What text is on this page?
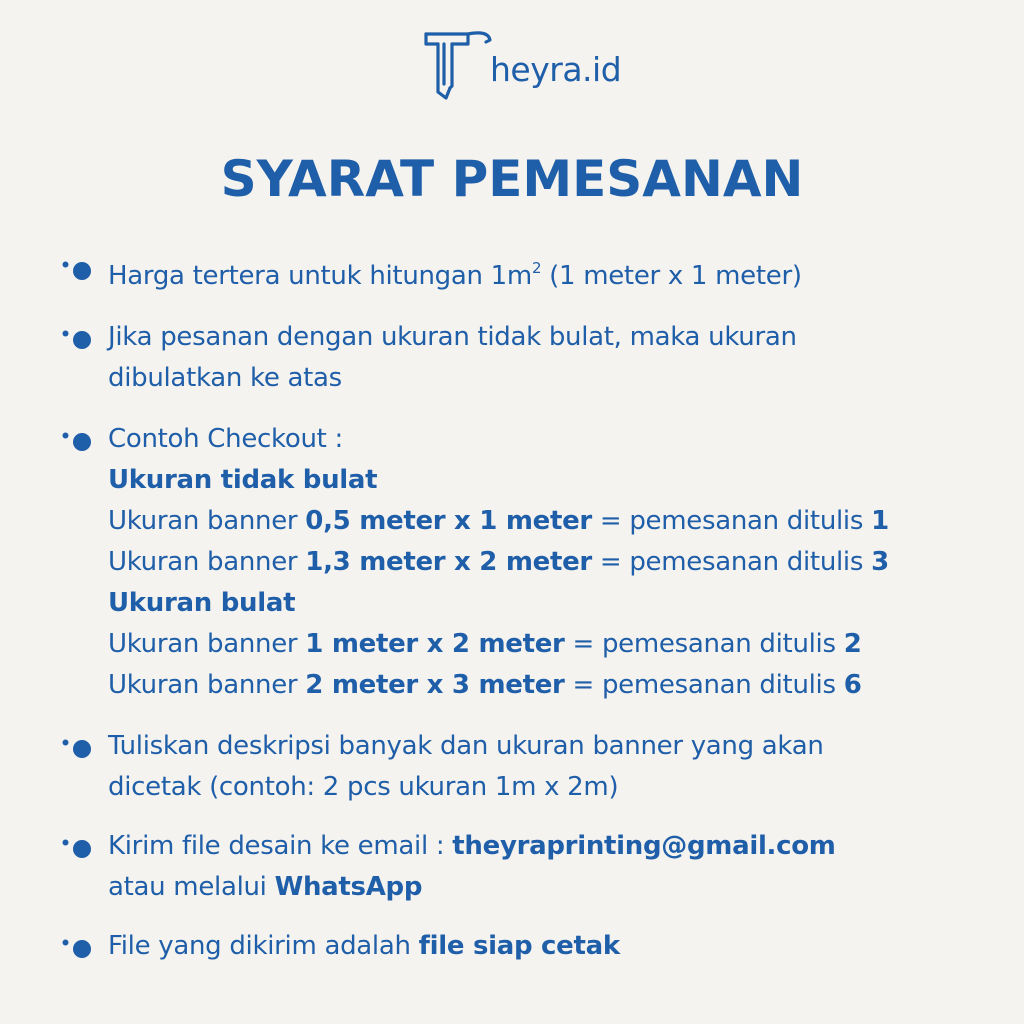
heyra.id
SYARAT PEMESANAN
Harga tertera untuk hitungan $1m^2$ (1 meter x 1 meter)
Jika pesanan dengan ukuran tidak bulat, maka ukuran
dibulatkan ke atas
Contoh Checkout :
Ukuran tidak bulat
Ukuran banner 0,5 meter x 1 meter = pemesanan ditulis 1
Ukuran banner 1,3 meter x 2 meter = pemesanan ditulis 3
Ukuran bulat
Ukuran banner 1 meter x 2 meter = pemesanan ditulis 2
Ukuran banner 2 meter x 3 meter = pemesanan ditulis 6
Tuliskan deskripsi banyak dan ukuran banner yang akan
dicetak (contoh: 2 pcs ukuran 1m x 2m)
Kirim file desain ke email : theyraprinting@gmail.com
atau melalui WhatsApp
File yang dikirim adalah file siap cetak
